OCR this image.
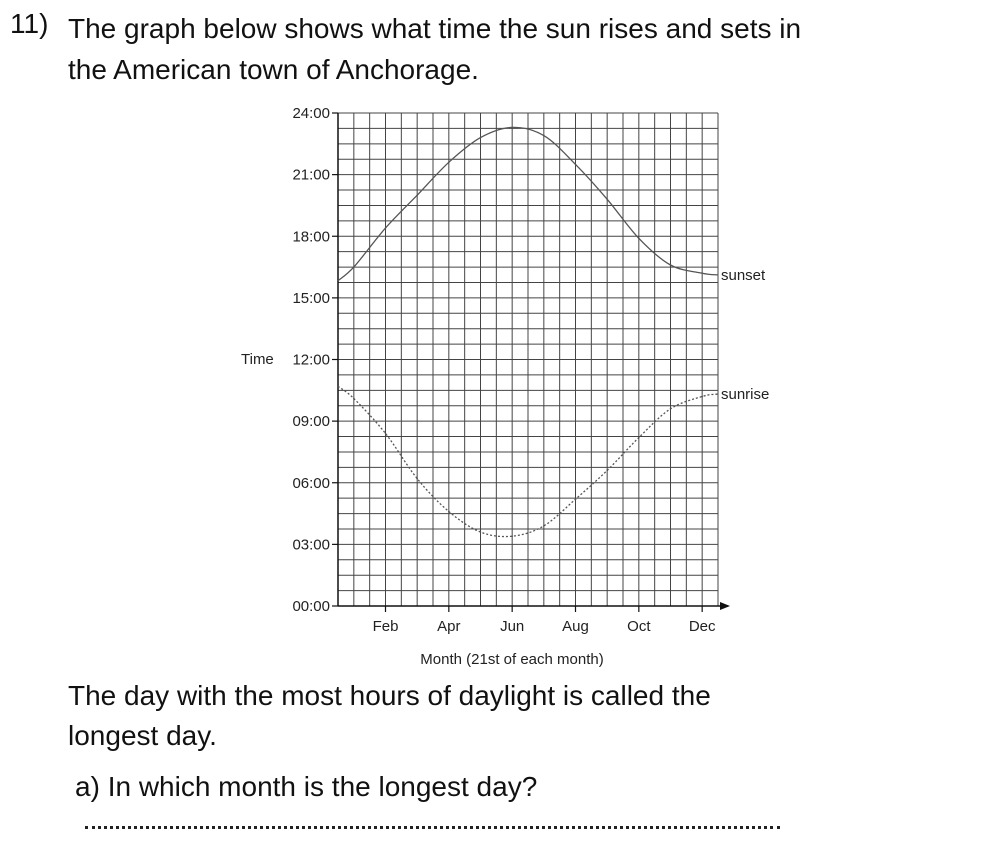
11) The graph below shows what time the sun rises and sets in
the American town of Anchorage.
00:00
03:00
06:00
09:00
12:00
15:00
18:00
21:00
24:00
Feb	Apr	Jun	Aug	Oct	Dec
sunset
sunrise
Time
Month (21st of each month)
The day with the most hours of daylight is called the
longest day.
a) In which month is the longest day?
